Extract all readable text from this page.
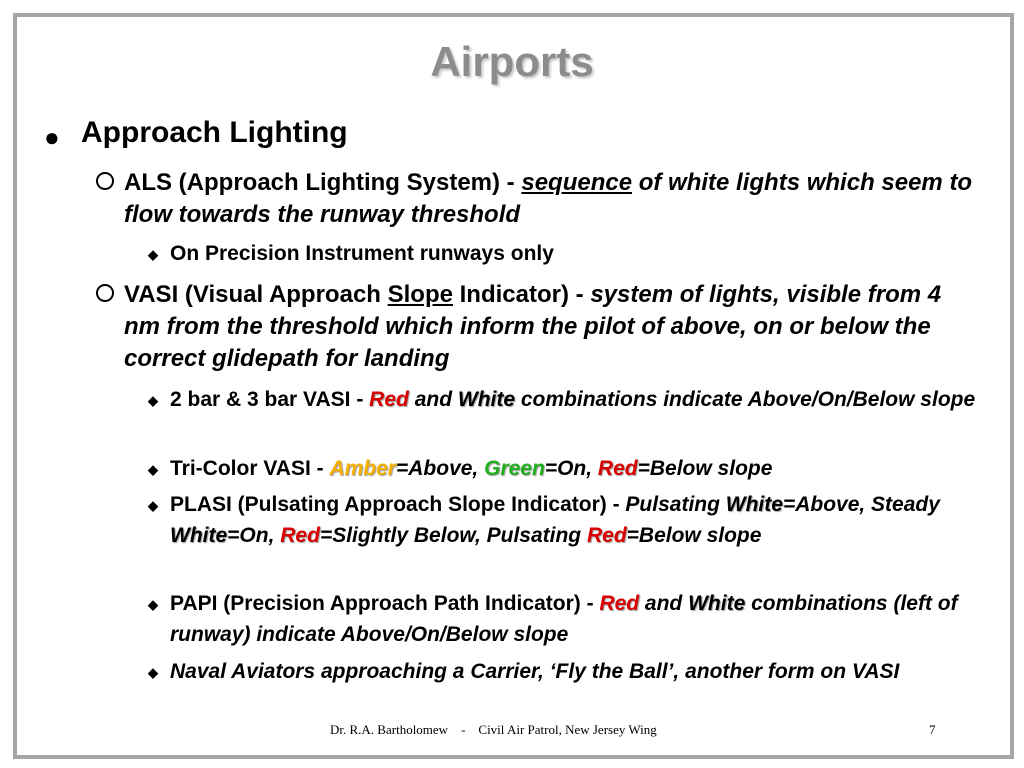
Airports
● Approach Lighting
ALS (Approach Lighting System) - sequence of white lights which seem to flow towards the runway threshold
◆ On Precision Instrument runways only
VASI (Visual Approach Slope Indicator) - system of lights, visible from 4 nm from the threshold which inform the pilot of above, on or below the correct glidepath for landing
◆ 2 bar & 3 bar VASI - Red and White combinations indicate Above/On/Below slope
◆ Tri-Color VASI - Amber=Above, Green=On, Red=Below slope
◆ PLASI (Pulsating Approach Slope Indicator) - Pulsating White=Above, Steady White=On, Red=Slightly Below, Pulsating Red=Below slope
◆ PAPI (Precision Approach Path Indicator) - Red and White combinations (left of runway) indicate Above/On/Below slope
◆ Naval Aviators approaching a Carrier, ‘Fly the Ball’, another form on VASI
Dr. R.A. Bartholomew    -    Civil Air Patrol, New Jersey Wing	7
